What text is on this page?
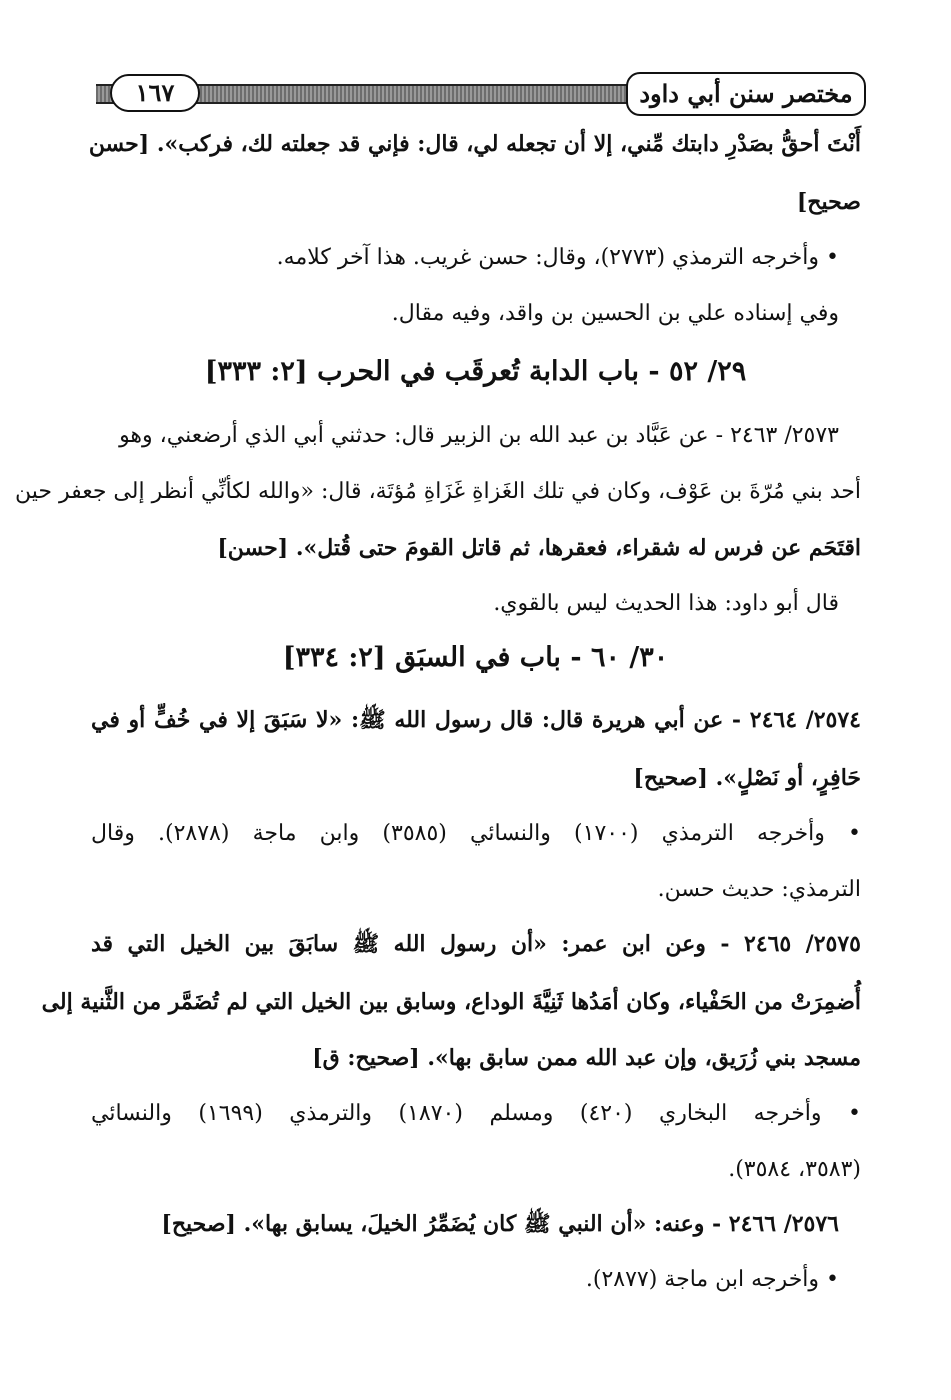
١٦٧	مختصر سنن أبي داود
أَنْتَ أحقُّ بصَدْرِ دابتك مِّني، إلا أن تجعله لي، قال: فإني قد جعلته لك، فركب». [حسن
صحيح]
• وأخرجه الترمذي (٢٧٧٣)، وقال: حسن غريب. هذا آخر كلامه.
وفي إسناده علي بن الحسين بن واقد، وفيه مقال.
٢٩/ ٥٢ - باب الدابة تُعرقَب في الحرب [٢: ٣٣٣]
٢٥٧٣/ ٢٤٦٣ - عن عَبَّاد بن عبد الله بن الزبير قال: حدثني أبي الذي أرضعني، وهو
أحد بني مُرّةَ بن عَوْف، وكان في تلك الغَزاةِ غَزَاةِ مُؤتَة، قال: «والله لكأنِّي أنظر إلى جعفر حين
اقتَحَم عن فرس له شقراء، فعقرها، ثم قاتل القومَ حتى قُتل». [حسن]
قال أبو داود: هذا الحديث ليس بالقوي.
٣٠/ ٦٠ - باب في السبَق [٢: ٣٣٤]
٢٥٧٤/ ٢٤٦٤ - عن أبي هريرة قال: قال رسول الله ﷺ: «لا سَبَقَ إلا في خُفٍّ أو في
حَافِرٍ، أو نَصْلٍ». [صحيح]
• وأخرجه الترمذي (١٧٠٠) والنسائي (٣٥٨٥) وابن ماجة (٢٨٧٨). وقال
الترمذي: حديث حسن.
٢٥٧٥/ ٢٤٦٥ - وعن ابن عمر: «أن رسول الله ﷺ سابَقَ بين الخيل التي قد
أُضمِرَتْ من الحَفْياء، وكان أمَدُها ثَنِيَّةَ الوداع، وسابق بين الخيل التي لم تُضَمَّر من الثَّنية إلى
مسجد بني زُرَيق، وإن عبد الله ممن سابق بها». [صحيح: ق]
• وأخرجه البخاري (٤٢٠) ومسلم (١٨٧٠) والترمذي (١٦٩٩) والنسائي
(٣٥٨٣، ٣٥٨٤).
٢٥٧٦/ ٢٤٦٦ - وعنه: «أن النبي ﷺ كان يُضَمِّرُ الخيلَ، يسابق بها». [صحيح]
• وأخرجه ابن ماجة (٢٨٧٧).
